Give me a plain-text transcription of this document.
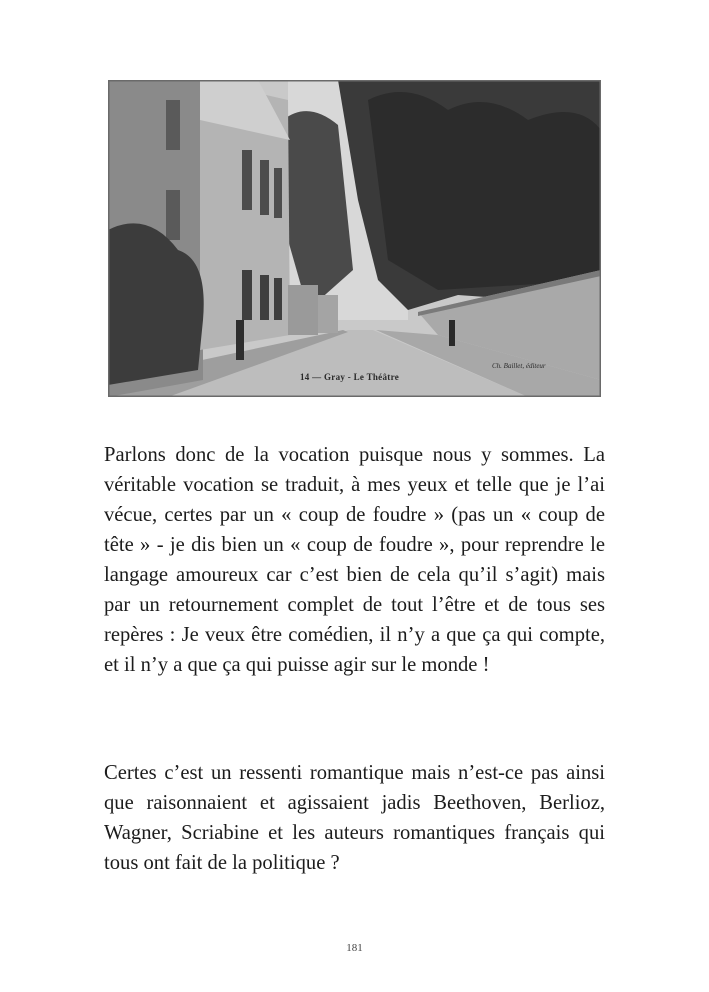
14 — Gray - Le Théâtre
Ch. Baillet, éditeur

Parlons donc de la vocation puisque nous y sommes. La véritable vocation se traduit, à mes yeux et telle que je l’ai vécue, certes par un « coup de foudre » (pas un « coup de tête » - je dis bien un « coup de foudre », pour reprendre le langage amoureux car c’est bien de cela qu’il s’agit) mais par un retournement complet de tout l’être et de tous ses repères : Je veux être comédien, il n’y a que ça qui compte, et il n’y a que ça qui puisse agir sur le monde !

Certes c’est un ressenti romantique mais n’est-ce pas ainsi que raisonnaient et agissaient jadis Beethoven, Berlioz, Wagner, Scriabine et les auteurs romantiques français qui tous ont fait de la politique ?

181
